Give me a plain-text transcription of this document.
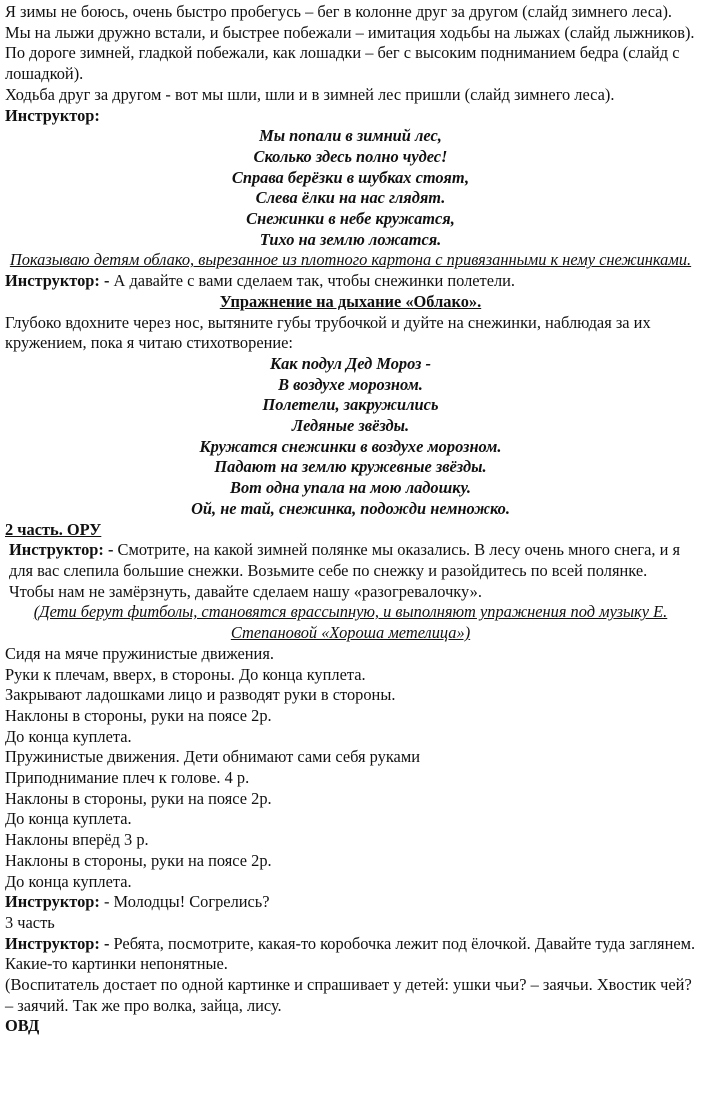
Я зимы не боюсь, очень быстро пробегусь – бег в колонне друг за другом (слайд зимнего леса).

Мы на лыжи дружно встали, и быстрее побежали – имитация ходьбы на лыжах (слайд лыжников).

По дороге зимней, гладкой побежали, как лошадки – бег с высоким подниманием бедра (слайд с лошадкой).

Ходьба друг за другом - вот мы шли, шли и в зимней лес пришли (слайд зимнего леса).

Инструктор:

Мы попали в зимний лес,

Сколько здесь полно чудес!

Справа берёзки в шубках стоят,

Слева ёлки на нас глядят.

Снежинки в небе кружатся,

Тихо на землю ложатся.

Показываю детям облако, вырезанное из плотного картона с привязанными к нему снежинками.

Инструктор: - А давайте с вами сделаем так, чтобы снежинки полетели.

Упражнение на дыхание «Облако».

Глубоко вдохните через нос, вытяните губы трубочкой и дуйте на снежинки, наблюдая за их кружением, пока я читаю стихотворение:

Как подул Дед Мороз -

В воздухе морозном.

Полетели, закружились

Ледяные звёзды.

Кружатся снежинки в воздухе морозном.

Падают на землю кружевные звёзды.

Вот одна упала на мою ладошку.

Ой, не тай, снежинка, подожди немножко.

2 часть. ОРУ

Инструктор: - Смотрите, на какой зимней полянке мы оказались. В лесу очень много снега, и я для вас слепила большие снежки. Возьмите себе по снежку и разойдитесь по всей полянке. Чтобы нам не замёрзнуть, давайте сделаем нашу «разогревалочку».

(Дети берут фитболы, становятся врассыпную, и выполняют упражнения под музыку Е. Степановой «Хороша метелица»)

Сидя на мяче пружинистые движения.

Руки к плечам, вверх, в стороны. До конца куплета.

Закрывают ладошками лицо и разводят руки в стороны.

Наклоны в стороны, руки на поясе 2р.

До конца куплета.

Пружинистые движения. Дети обнимают сами себя руками

Приподнимание плеч к голове. 4 р.

Наклоны в стороны, руки на поясе 2р.

До конца куплета.

Наклоны вперёд 3 р.

Наклоны в стороны, руки на поясе 2р.

До конца куплета.

Инструктор: - Молодцы! Согрелись?

3 часть

Инструктор: - Ребята, посмотрите, какая-то коробочка лежит под ёлочкой. Давайте туда заглянем. Какие-то картинки непонятные.

(Воспитатель достает по одной картинке и спрашивает у детей: ушки чьи? – заячьи. Хвостик чей? – заячий. Так же про волка, зайца, лису.

ОВД
